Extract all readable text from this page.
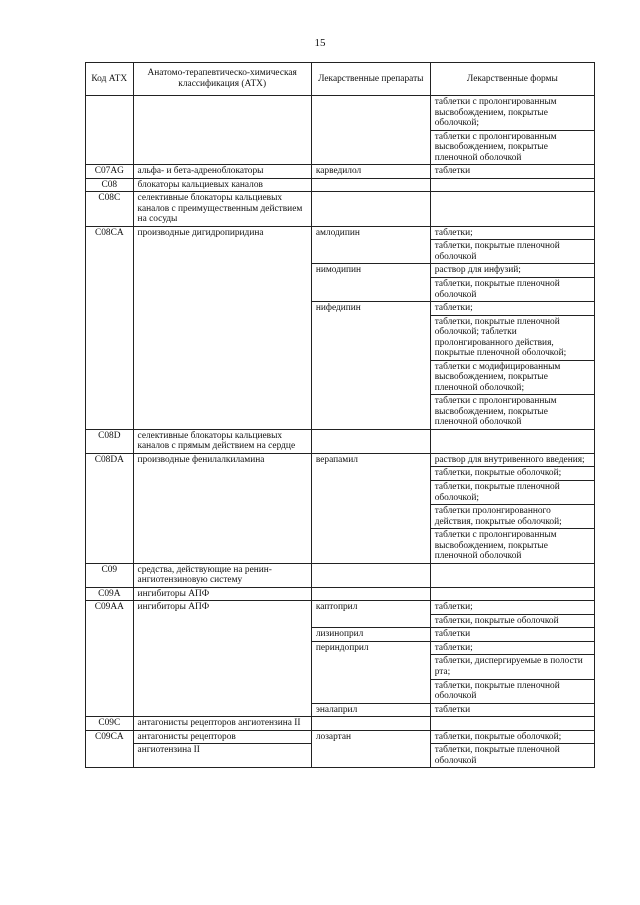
15
Код АТХ	Анатомо-терапевтическо-химическая классификация (АТХ)	Лекарственные препараты	Лекарственные формы
			таблетки с пролонгированным высвобождением, покрытые оболочкой;
			таблетки с пролонгированным высвобождением, покрытые пленочной оболочкой
C07AG	альфа- и бета-адреноблокаторы	карведилол	таблетки
C08	блокаторы кальциевых каналов		
C08C	селективные блокаторы кальциевых каналов с преимущественным действием на сосуды		
C08CA	производные дигидропиридина	амлодипин	таблетки;
			таблетки, покрытые пленочной оболочкой
		нимодипин	раствор для инфузий;
			таблетки, покрытые пленочной оболочкой
		нифедипин	таблетки;
			таблетки, покрытые пленочной оболочкой; таблетки пролонгированного действия, покрытые пленочной оболочкой;
			таблетки с модифицированным высвобождением, покрытые пленочной оболочкой;
			таблетки с пролонгированным высвобождением, покрытые пленочной оболочкой
C08D	селективные блокаторы кальциевых каналов с прямым действием на сердце		
C08DA	производные фенилалкиламина	верапамил	раствор для внутривенного введения;
			таблетки, покрытые оболочкой;
			таблетки, покрытые пленочной оболочкой;
			таблетки пролонгированного действия, покрытые оболочкой;
			таблетки с пролонгированным высвобождением, покрытые пленочной оболочкой
C09	средства, действующие на ренин-ангиотензиновую систему		
C09A	ингибиторы АПФ		
C09AA	ингибиторы АПФ	каптоприл	таблетки;
			таблетки, покрытые оболочкой
		лизиноприл	таблетки
		периндоприл	таблетки;
			таблетки, диспергируемые в полости рта;
			таблетки, покрытые пленочной оболочкой
		эналаприл	таблетки
C09C	антагонисты рецепторов ангиотензина II		
C09CA	антагонисты рецепторов	лозартан	таблетки, покрытые оболочкой;
	ангиотензина II		таблетки, покрытые пленочной оболочкой
